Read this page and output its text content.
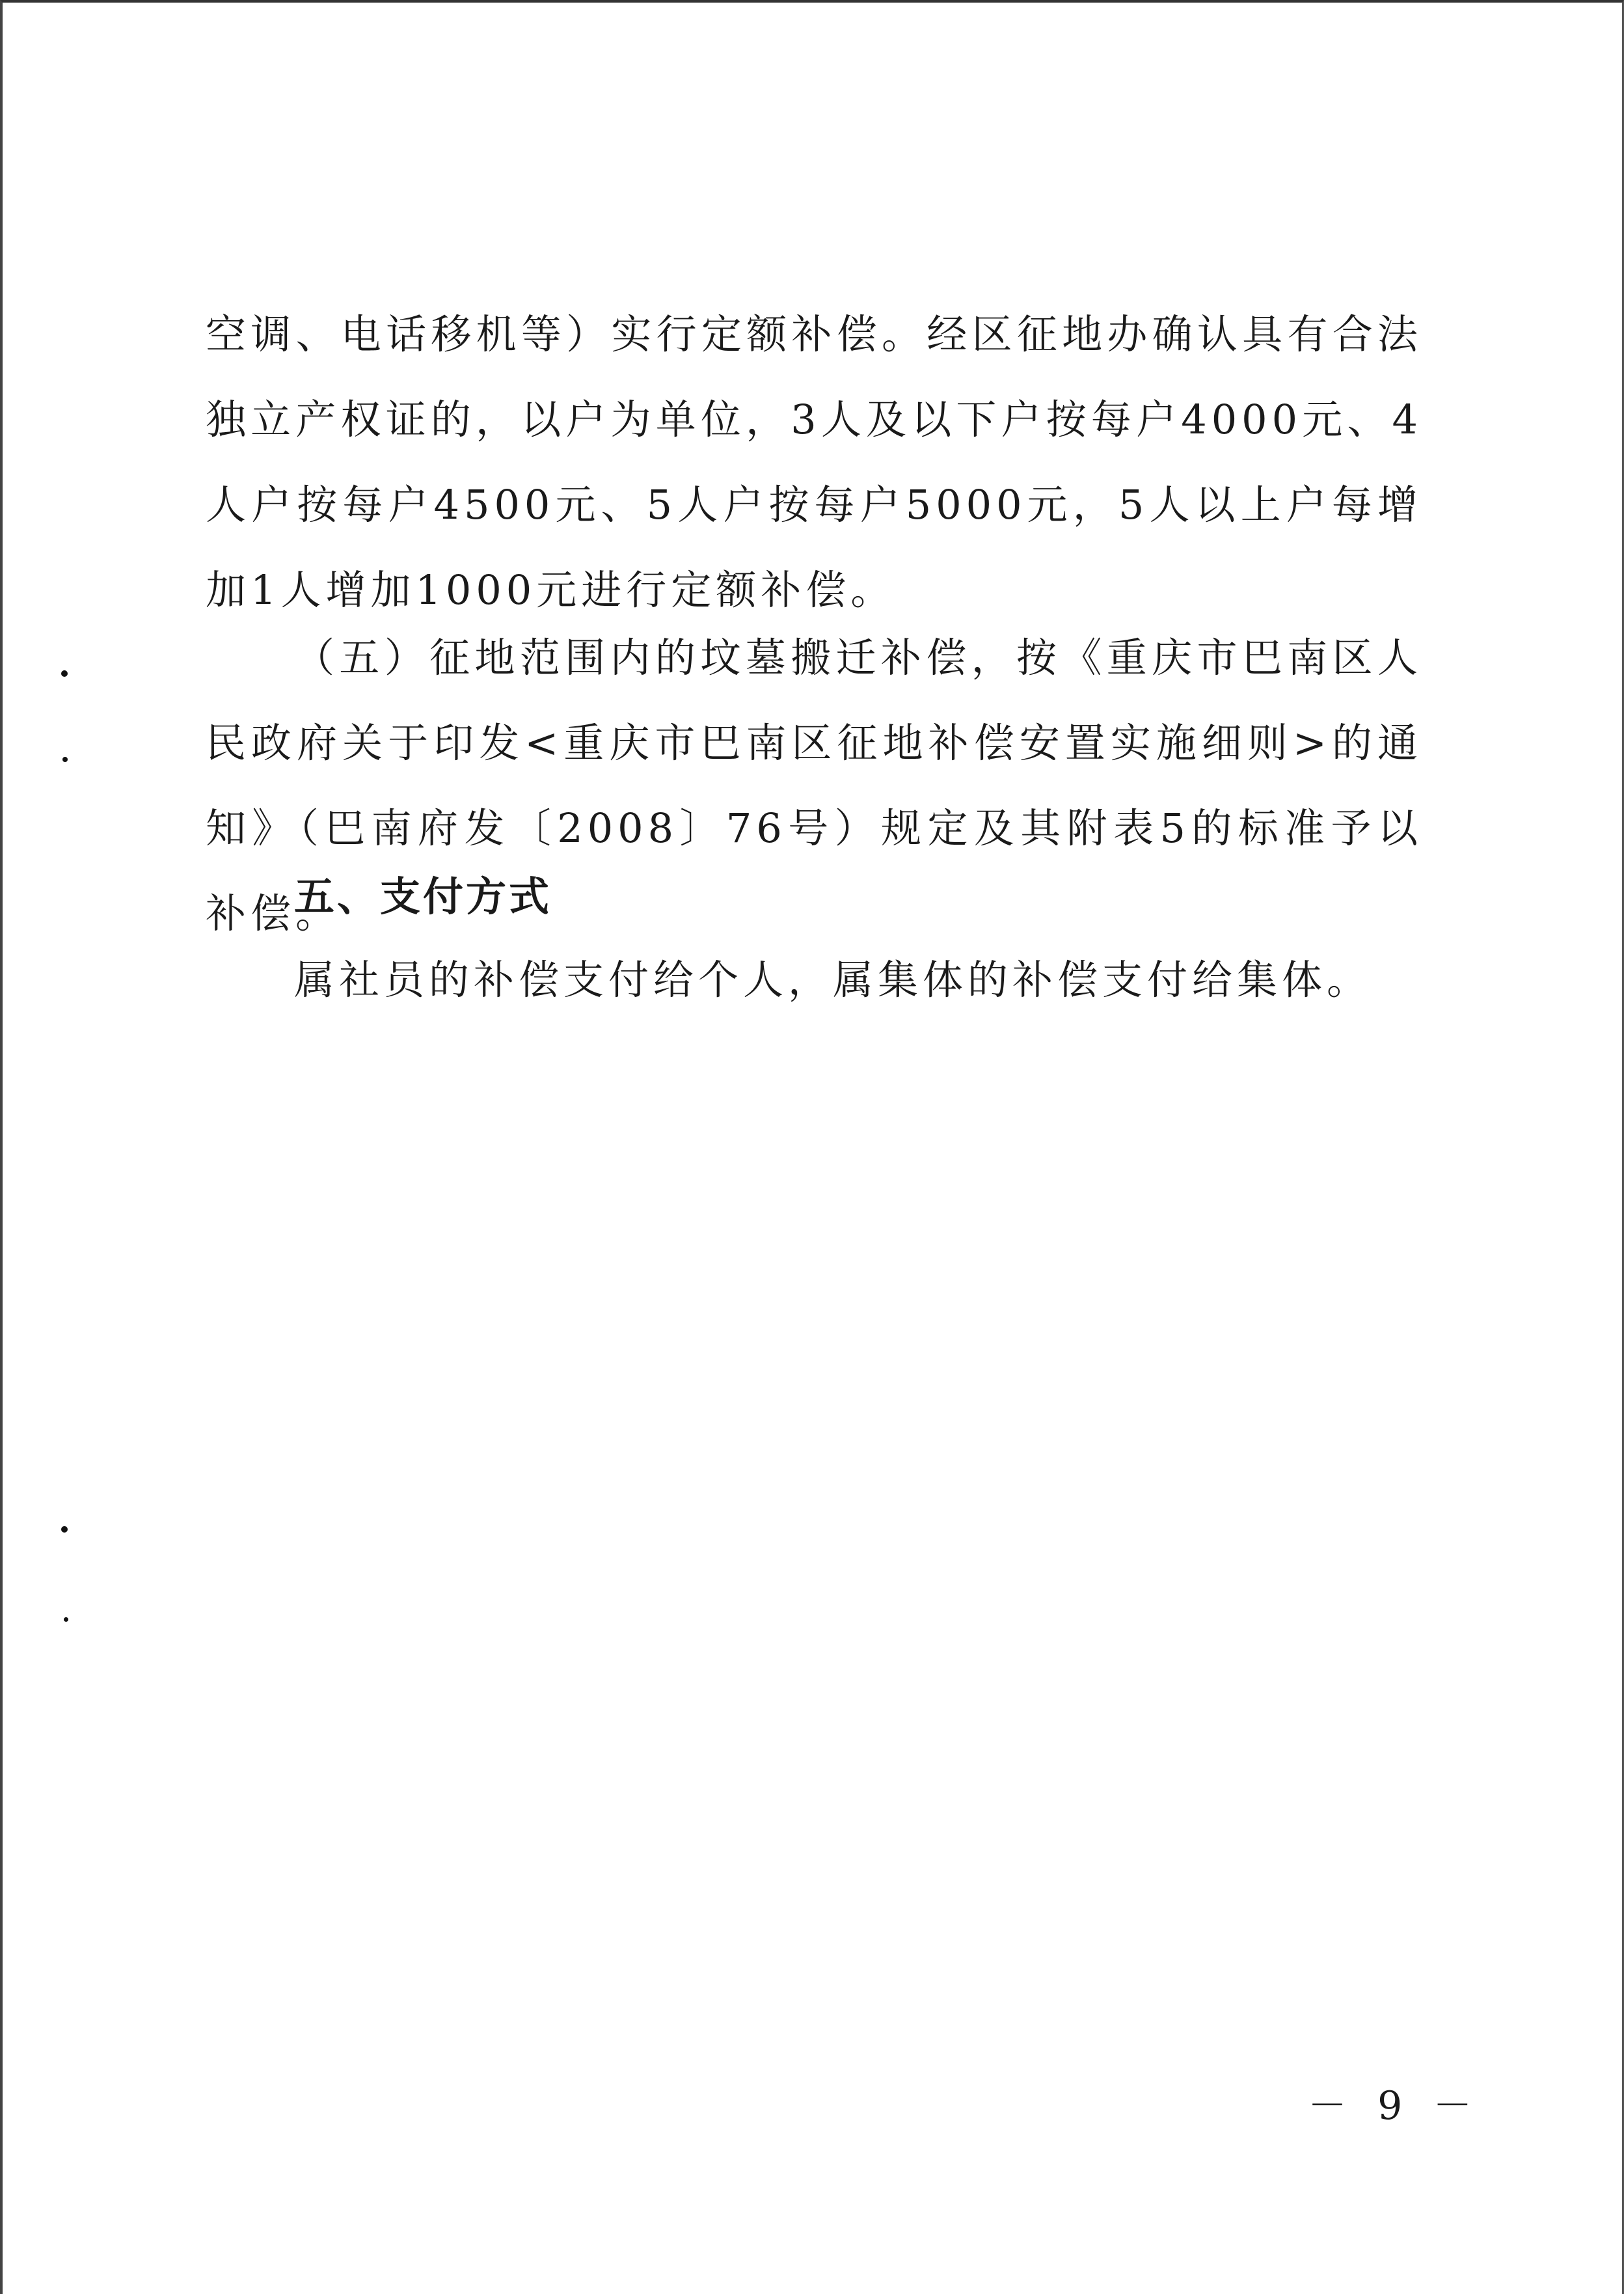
空调、电话移机等）实行定额补偿。经区征地办确认具有合法独立产权证的，以户为单位，3人及以下户按每户4000元、4人户按每户4500元、5人户按每户5000元，5人以上户每增加1人增加1000元进行定额补偿。

（五）征地范围内的坟墓搬迁补偿，按《重庆市巴南区人民政府关于印发<重庆市巴南区征地补偿安置实施细则>的通知》（巴南府发〔2008〕76号）规定及其附表5的标准予以补偿。

五、支付方式

属社员的补偿支付给个人，属集体的补偿支付给集体。

－ 9 －
